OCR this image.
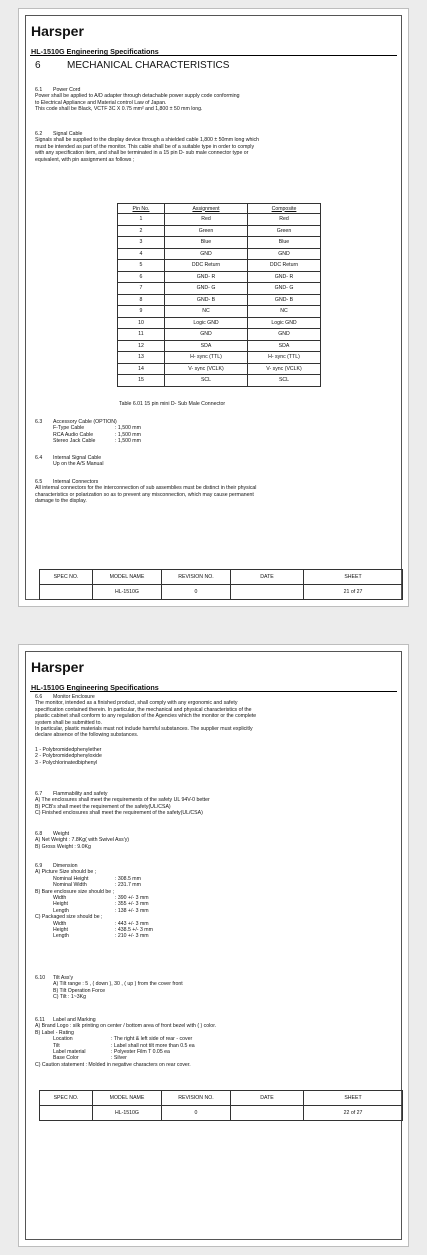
Harsper
HL-1510G Engineering Specifications
6	MECHANICAL CHARACTERISTICS

6.1 Power Cord

Power shall be applied to A/D adapter through detachable power supply code conforming

to Electrical Appliance and Material control Law of Japan.

This code shall be Black, VCTF 3C X 0.75 mm² and 1,800 ± 50 mm long.

6.2 Signal Cable

Signals shall be supplied to the display device through a shielded cable 1,800 ± 50mm long which

must be intended as part of the monitor. This cable shall be of a suitable type in order to comply

with any specification item, and shall be terminated in a 15 pin D- sub male connector type or

equivalent, with pin assignment as follows ;

Pin No.	Assignment	Composite
1	Red	Red
2	Green	Green
3	Blue	Blue
4	GND	GND
5	DDC Return	DDC Return
6	GND- R	GND- R
7	GND- G	GND- G
8	GND- B	GND- B
9	NC	NC
10	Logic GND	Logic GND
11	GND	GND
12	SDA	SDA
13	H- sync (TTL)	H- sync (TTL)
14	V- sync (VCLK)	V- sync (VCLK)
15	SCL	SCL
Table 6.01 15 pin mini D- Sub Male Connector

6.3 Accessory Cable (OPTION)

F-Type Cable	: 1,500 mm
RCA Audio Cable	: 1,500 mm
Stereo Jack Cable	: 1,500 mm

6.4 Internal Signal Cable

Up on the A/S Manual

6.5 Internal Connectors

All internal connectors for the interconnection of sub assemblies must be distinct in their physical

characteristics or polarization so as to prevent any misconnection, which may cause permanent

damage to the display.

SPEC NO.	MODEL NAME	REVISION NO.	DATE	SHEET
	HL-1510G	0		21 of 27
Harsper
HL-1510G Engineering Specifications

6.6 Monitor Enclosure

The monitor, intended as a finished product, shall comply with any ergonomic and safety

specification contained therein. In particular, the mechanical and physical characteristics of the

plastic cabinet shall conform to any regulation of the Agencies which the monitor or the complete

system shall be submitted to.

In particular, plastic materials must not include harmful substances. The supplier must explicitly

declare absence of the following substances.

1 - Polybromidedphenylether

2 - Polybromidedphenyloxide

3 - Polychlorinatedbiphenyl

6.7 Flammability and safety

A) The enclosures shall meet the requirements of the safety UL 94V-0 better

B) PCB's shall meet the requirement of the safety(UL/CSA)

C) Finished enclosures shall meet the requirement of the safety(UL/CSA)

6.8 Weight

A) Net Weight : 7.8Kg( with Swivel Ass'y)

B) Gross Weight : 9.0Kg

6.9 Dimension

A) Picture Size should be ;

Nominal Height	: 308.5 mm
Nominal Width	: 231.7 mm

B) Bare enclosure size should be ;

Width	: 390 +/- 3 mm
Height	: 355 +/- 3 mm
Length	: 138 +/- 3 mm

C) Packaged size should be ;

Width	: 443 +/- 3 mm
Height	: 438.5 +/- 3 mm
Length	: 210 +/- 3 mm

6.10 Tilt Ass'y

A) Tilt range : 5 , ( down ), 30 , ( up ) from the cover front

B) Tilt Operation Force

C) Tilt : 1~3Kg

6.11 Label and Marking

A) Brand Logo : silk printing on center / bottom area of front bezel with ( ) color.

B) Label - Rating

Location	: The right & left side of rear - cover
Tilt	: Label shall not tilt more than 0.5 ea
Label material	: Polyester Film T 0.05 ea
Base Color	: Silver

C) Caution statement : Molded in negative characters on rear cover.

SPEC NO.	MODEL NAME	REVISION NO.	DATE	SHEET
	HL-1510G	0		22 of 27
